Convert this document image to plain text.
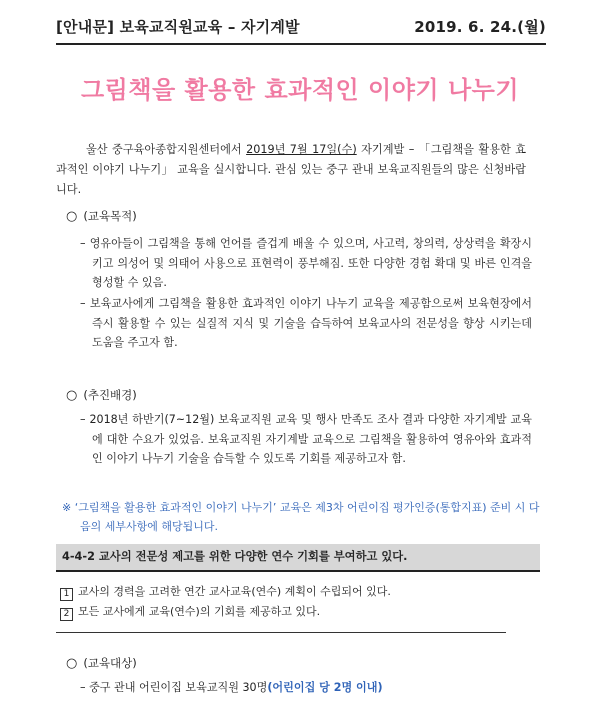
[안내문] 보육교직원교육 – 자기계발	2019. 6. 24.(월)
그림책을 활용한 효과적인 이야기 나누기
울산 중구육아종합지원센터에서 2019년 7월 17일(수) 자기계발 – 「그림책을 활용한 효과적인 이야기 나누기」 교육을 실시합니다. 관심 있는 중구 관내 보육교직원들의 많은 신청바랍니다.
○ (교육목적)
– 영유아들이 그림책을 통해 언어를 즐겁게 배울 수 있으며, 사고력, 창의력, 상상력을 확장시키고 의성어 및 의태어 사용으로 표현력이 풍부해짐. 또한 다양한 경험 확대 및 바른 인격을 형성할 수 있음.
– 보육교사에게 그림책을 활용한 효과적인 이야기 나누기 교육을 제공함으로써 보육현장에서 즉시 활용할 수 있는 실질적 지식 및 기술을 습득하여 보육교사의 전문성을 향상 시키는데 도움을 주고자 함.
○ (추진배경)
– 2018년 하반기(7~12월) 보육교직원 교육 및 행사 만족도 조사 결과 다양한 자기계발 교육에 대한 수요가 있었음. 보육교직원 자기계발 교육으로 그림책을 활용하여 영유아와 효과적인 이야기 나누기 기술을 습득할 수 있도록 기회를 제공하고자 함.
※ ‘그림책을 활용한 효과적인 이야기 나누기’ 교육은 제3차 어린이집 평가인증(통합지표) 준비 시 다음의 세부사항에 해당됩니다.
4-4-2 교사의 전문성 제고를 위한 다양한 연수 기회를 부여하고 있다.
1 교사의 경력을 고려한 연간 교사교육(연수) 계획이 수립되어 있다.
2 모든 교사에게 교육(연수)의 기회를 제공하고 있다.
○ (교육대상)
– 중구 관내 어린이집 보육교직원 30명(어린이집 당 2명 이내)
